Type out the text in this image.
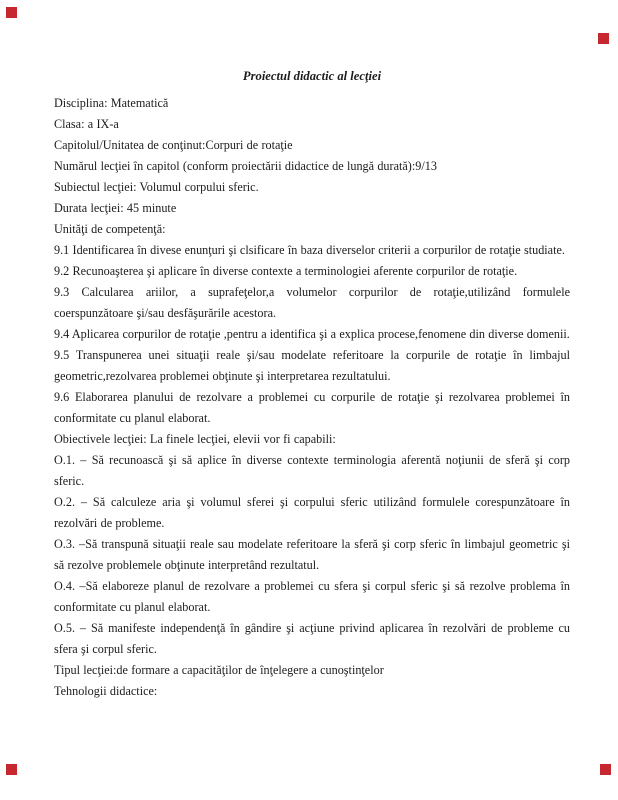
Proiectul didactic al lecţiei

Disciplina: Matematică

Clasa: a IX-a

Capitolul/Unitatea de conţinut:Corpuri de rotaţie

Numărul lecţiei în capitol (conform proiectării didactice de lungă durată):9/13

Subiectul lecţiei: Volumul corpului sferic.

Durata lecţiei: 45 minute

Unităţi de competenţă:

9.1 Identificarea în divese enunţuri şi clsificare în baza diverselor criterii a corpurilor de rotaţie studiate.

9.2 Recunoaşterea şi aplicare în diverse contexte a terminologiei aferente corpurilor de rotaţie.

9.3 Calcularea ariilor, a suprafeţelor,a volumelor corpurilor de rotaţie,utilizând formulele coerspunzătoare şi/sau desfăşurările acestora.

9.4 Aplicarea corpurilor de rotaţie ,pentru a identifica şi a explica procese,fenomene din diverse domenii.

9.5 Transpunerea unei situaţii reale şi/sau modelate referitoare la corpurile de rotaţie în limbajul geometric,rezolvarea problemei obţinute şi interpretarea rezultatului.

9.6 Elaborarea planului de rezolvare a problemei cu corpurile de rotaţie şi rezolvarea problemei în conformitate cu planul elaborat.

Obiectivele lecţiei: La finele lecţiei, elevii vor fi capabili:

O.1. – Să recunoască şi să aplice în diverse contexte terminologia aferentă noţiunii de sferă şi corp sferic.

O.2. – Să calculeze aria şi volumul sferei şi corpului sferic utilizând formulele corespunzătoare în rezolvări de probleme.

O.3. –Să transpună situaţii reale sau modelate referitoare la sferă şi corp sferic în limbajul geometric şi să rezolve problemele obţinute interpretând rezultatul.

O.4. –Să elaboreze planul de rezolvare a problemei cu sfera şi corpul sferic şi să rezolve problema în conformitate cu planul elaborat.

O.5. – Să manifeste independenţă în gândire şi acţiune privind aplicarea în rezolvări de probleme cu sfera şi corpul sferic.

Tipul lecţiei:de formare a capacităţilor de înţelegere a cunoştinţelor

Tehnologii didactice:
